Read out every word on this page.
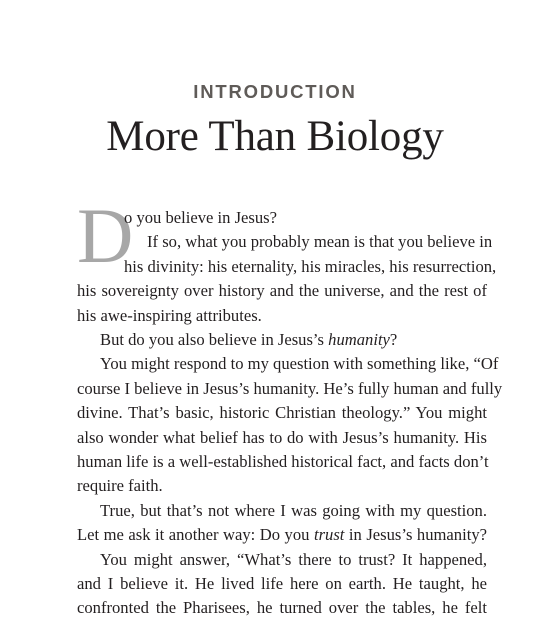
INTRODUCTION
More Than Biology
D
o you believe in Jesus?
If so, what you probably mean is that you believe in
his divinity: his eternality, his miracles, his resurrection,
his sovereignty over history and the universe, and the rest of
his awe-inspiring attributes.
But do you also believe in Jesus’s humanity?
You might respond to my question with something like, “Of
course I believe in Jesus’s humanity. He’s fully human and fully
divine. That’s basic, historic Christian theology.” You might
also wonder what belief has to do with Jesus’s humanity. His
human life is a well-established historical fact, and facts don’t
require faith.
True, but that’s not where I was going with my question.
Let me ask it another way: Do you trust in Jesus’s humanity?
You might answer, “What’s there to trust? It happened,
and I believe it. He lived life here on earth. He taught, he
confronted the Pharisees, he turned over the tables, he felt
